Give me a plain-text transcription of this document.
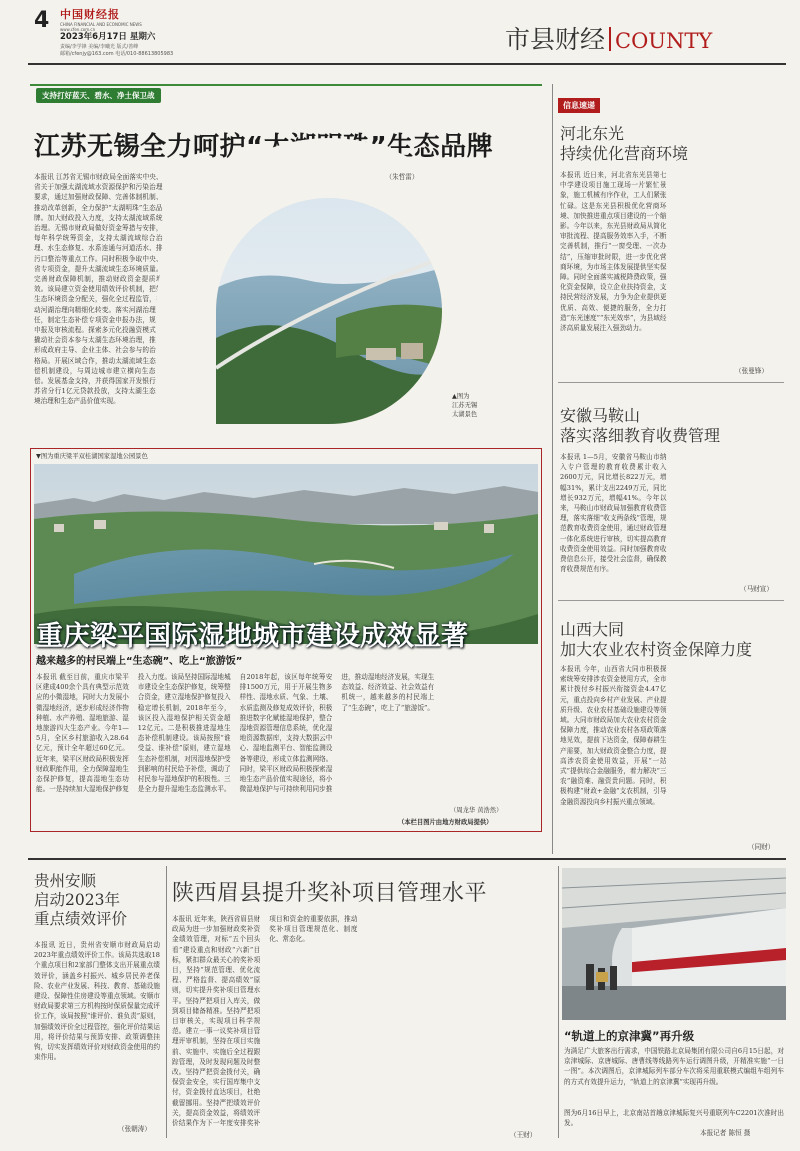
4 中国财经报
CHINA FINANCIAL AND ECONOMIC NEWS
www.cfen.com.cn
2023年6月17日 星期六
责编/李学锋 美编/李曦光 版式/善峰
邮箱/cfenjy@163.com 电话/010-88613805983	市县财经 COUNTY
支持打好蓝天、碧水、净土保卫战
江苏无锡全力呵护“太湖明珠”生态品牌
本报讯 江苏省无锡市财政局全面落实中央、省关于加强太湖流域水资源保护和污染治理要求，通过加强财政保障、完善体制机制、推动改革创新，全力保护“太湖明珠”生态品牌。加大财政投入力度，支持太湖流域系统治理。无锡市财政局做好资金筹措与安排，每年科学统筹资金，支持太湖流域综合治理、水生态修复、水系连通与河道活水、排污口整治等重点工作。同时积极争取中央、省专项资金，提升太湖流域生态环境质量。完善财政保障机制，推动财政资金提质增效。该局建立资金使用绩效评价机制，把好生态环境资金分配关，强化全过程监管，推动河湖治理向精细化转变。落实河湖治理责任，制定生态补偿专项资金申报办法，规范申报及审核流程。探索多元化投融资模式，撬动社会资本参与太湖生态环境治理，推动形成政府主导、企业主体、社会参与的治理格局。开展区域合作，推动太湖流域生态补偿机制建设，与周边城市建立横向生态补偿。发展基金支持，并获得国家开发银行江苏省分行1亿元贷款投放，支持太湖生态环境治理和生态产品价值实现。
（朱哲雷）
▲图为
江苏无锡
太湖景色
▼图为重庆梁平双桂湖国家湿地公园景色
重庆梁平国际湿地城市建设成效显著
越来越多的村民端上“生态碗”、吃上“旅游饭”
本报讯 截至目前，重庆市梁平区建成400余个具有典型示范效应的小微湿地，同时大力发展小微湿地经济，逐步形成经济作物种植、水产养殖、湿地旅游、湿地旅游四大生态产业。今年1—5月，全区乡村旅游收入28.64亿元，预计全年超过60亿元。近年来，梁平区财政局积极发挥财政职能作用，全力保障湿地生态保护修复，提高湿地生态功能。一是持续加大湿地保护修复投入力度。该局坚持国际湿地城市建设全生态保护修复，统筹整合资金，建立湿地保护修复投入稳定增长机制，2018年至今，该区投入湿地保护相关资金超12亿元。二是积极推进湿地生态补偿机制建设。该局按照“谁受益、谁补偿”原则，建立湿地生态补偿机制，对因湿地保护受到影响的村民给予补偿，调动了村民参与湿地保护的积极性。三是全力提升湿地生态监测水平。自2018年起，该区每年统筹安排1500万元，用于开展生物多样性、湿地水质、气象、土壤、水质监测及修复成效评价，积极推进数字化赋能湿地保护，整合湿地资源管理信息系统，优化湿地资源数据库，支持大数据云中心、湿地监测平台、智能监测设备等建设，形成立体监测网络。同时，梁平区财政局积极探索湿地生态产品价值实现途径，将小微湿地保护与可持续利用同步推进，推动湿地经济发展，实现生态效益、经济效益、社会效益有机统一，越来越多的村民端上了“生态碗”，吃上了“旅游饭”。
（周龙华 黄浩然）
（本栏目图片由地方财政局提供）
信息速递
河北东光
持续优化营商环境
本报讯 近日来，河北省东光县第七中学建设项目施工现场一片繁忙景象，施工机械有序作业，工人们紧张忙碌。这是东光县积极优化营商环境、加快推进重点项目建设的一个缩影。今年以来，东光县财政局从简化审批流程、提高服务效率入手，不断完善机制，推行“一窗受理、一次办结”，压缩审批时限，进一步优化营商环境，为市场主体发展提供坚实保障。同时全面落实减税降费政策，强化资金保障，设立企业扶持资金，支持民营经济发展，力争为企业提供更优质、高效、便捷的服务，全力打造“东光速度”“东光效率”，为县域经济高质量发展注入强劲动力。
（张曼锋）
安徽马鞍山
落实落细教育收费管理
本报讯 1—5月，安徽省马鞍山市纳入专户管理的教育收费累计收入2600万元，同比增长822万元，增幅31%，累计支出2249万元，同比增长932万元，增幅41%。今年以来，马鞍山市财政局加强教育收费管理，落实落细“收支两条线”管理，规范教育收费资金使用，通过财政管理一体化系统进行审核，切实提高教育收费资金使用效益。同时加强教育收费信息公开，接受社会监督，确保教育收费规范有序。
（马财宣）
山西大同
加大农业农村资金保障力度
本报讯 今年，山西省大同市积极探索统筹安排涉农资金使用方式，全市累计拨付乡村振兴衔接资金4.47亿元，重点投向乡村产业发展、产业提质升级、农业农村基础设施建设等领域。大同市财政局加大农业农村资金保障力度，推动农业农村各项政策落地见效，提前下达资金，保障春耕生产需要，加大财政资金整合力度，提高涉农资金使用效益，开展“一站式”提供综合金融服务，着力解决“三农”融资难、融资贵问题。同时，积极构建“财政+金融”支农机制，引导金融资源投向乡村振兴重点领域。
（同财）
贵州安顺
启动2023年
重点绩效评价
本报讯 近日，贵州省安顺市财政局启动2023年重点绩效评价工作。该局共选取18个重点项目和2家部门整体支出开展重点绩效评价，涵盖乡村振兴、城乡居民养老保险、农业产业发展、科技、教育、基础设施建设、保障性住房建设等重点领域。安顺市财政局要求第三方机构按时保质保量完成评价工作，该局按照“谁评价、谁负责”原则，加强绩效评价全过程管控，强化评价结果运用，将评价结果与预算安排、政策调整挂钩，切实发挥绩效评价对财政资金使用的约束作用。
（张朝涛）
陕西眉县提升奖补项目管理水平
本报讯 近年来，陕西省眉县财政局为进一步加强财政奖补资金绩效管理，对标“五个回头看”建设重点和财政“六新”目标，紧扣群众最关心的奖补项目，坚持“规范管理、优化流程、严格监督、提高绩效”原则，切实提升奖补项目管理水平。坚持严把项目入库关，做到项目储备精准。坚持严把项目审核关，实现项目科学规范。建立一事一议奖补项目管理评审机制，坚持在项目实施前、实施中、实施后全过程跟踪管理，及时发现问题及时整改。坚持严把资金拨付关，确保资金安全，实行国库集中支付，资金拨付直达项目，杜绝截留挪用。坚持严把绩效评价关，提高资金效益，将绩效评价结果作为下一年度安排奖补项目和资金的重要依据，推动奖补项目管理规范化、制度化、常态化。
（王财）
“轨道上的京津冀”再升级
为满足广大旅客出行需求，中国铁路北京局集团有限公司自6月15日起，对京津城际、京唐城际、唐曹线等线路列车运行调图升级，开精准实施“一日一图”。本次调图后，京津城际列车部分车次将采用重联模式编组车组列车的方式有效提升运力，“轨道上的京津冀”实现再升级。
图为6月16日早上，北京南站首趟京津城际复兴号重联列车C2201次准时出发。
本报记者 陈恒 摄
